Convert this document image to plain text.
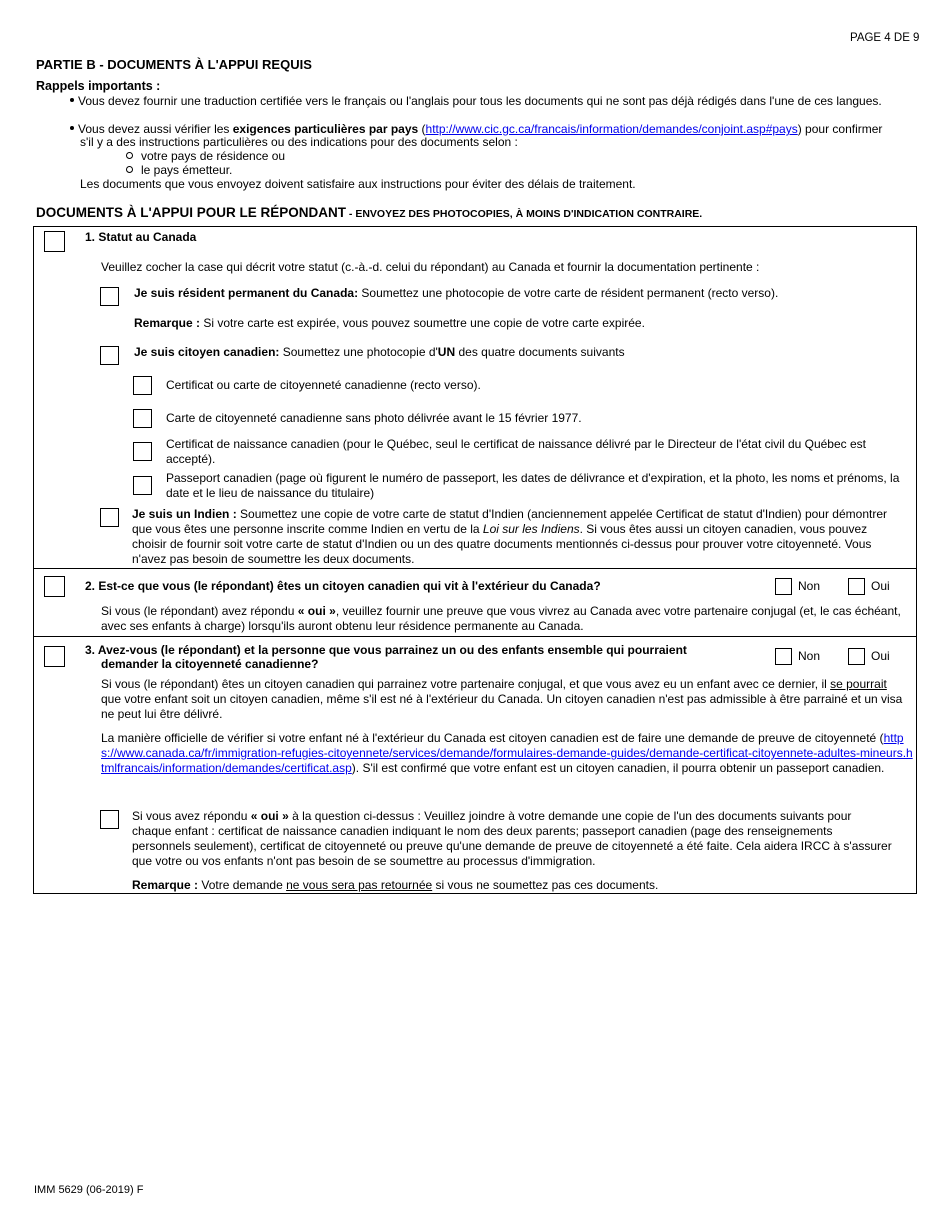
PAGE 4 DE 9
PARTIE B - DOCUMENTS À L'APPUI REQUIS
Rappels importants :
Vous devez fournir une traduction certifiée vers le français ou l'anglais pour tous les documents qui ne sont pas déjà rédigés dans l'une de ces langues.
Vous devez aussi vérifier les exigences particulières par pays (http://www.cic.gc.ca/francais/information/demandes/conjoint.asp#pays) pour confirmer
s'il y a des instructions particulières ou des indications pour des documents selon :
votre pays de résidence ou
le pays émetteur.
Les documents que vous envoyez doivent satisfaire aux instructions pour éviter des délais de traitement.
DOCUMENTS À L'APPUI POUR LE RÉPONDANT - ENVOYEZ DES PHOTOCOPIES, À MOINS D'INDICATION CONTRAIRE.
1. Statut au Canada
Veuillez cocher la case qui décrit votre statut (c.-à.-d. celui du répondant) au Canada et fournir la documentation pertinente :
Je suis résident permanent du Canada: Soumettez une photocopie de votre carte de résident permanent (recto verso).
Remarque : Si votre carte est expirée, vous pouvez soumettre une copie de votre carte expirée.
Je suis citoyen canadien: Soumettez une photocopie d'UN des quatre documents suivants
Certificat ou carte de citoyenneté canadienne (recto verso).
Carte de citoyenneté canadienne sans photo délivrée avant le 15 février 1977.
Certificat de naissance canadien (pour le Québec, seul le certificat de naissance délivré par le Directeur de l'état civil du Québec est accepté).
Passeport canadien (page où figurent le numéro de passeport, les dates de délivrance et d'expiration, et la photo, les noms et prénoms, la date et le lieu de naissance du titulaire)
Je suis un Indien : Soumettez une copie de votre carte de statut d'Indien (anciennement appelée Certificat de statut d'Indien) pour démontrer que vous êtes une personne inscrite comme Indien en vertu de la Loi sur les Indiens. Si vous êtes aussi un citoyen canadien, vous pouvez choisir de fournir soit votre carte de statut d'Indien ou un des quatre documents mentionnés ci-dessus pour prouver votre citoyenneté. Vous n'avez pas besoin de soumettre les deux documents.
2. Est-ce que vous (le répondant) êtes un citoyen canadien qui vit à l'extérieur du Canada?	Non	Oui
Si vous (le répondant) avez répondu « oui », veuillez fournir une preuve que vous vivrez au Canada avec votre partenaire conjugal (et, le cas échéant, avec ses enfants à charge) lorsqu'ils auront obtenu leur résidence permanente au Canada.
3. Avez-vous (le répondant) et la personne que vous parrainez un ou des enfants ensemble qui pourraient
demander la citoyenneté canadienne?
Non	Oui
Si vous (le répondant) êtes un citoyen canadien qui parrainez votre partenaire conjugal, et que vous avez eu un enfant avec ce dernier, il se pourrait que votre enfant soit un citoyen canadien, même s'il est né à l'extérieur du Canada. Un citoyen canadien n'est pas admissible à être parrainé et un visa ne peut lui être délivré.
La manière officielle de vérifier si votre enfant né à l'extérieur du Canada est citoyen canadien est de faire une demande de preuve de citoyenneté (https://www.canada.ca/fr/immigration-refugies-citoyennete/services/demande/formulaires-demande-guides/demande-certificat-citoyennete-adultes-mineurs.htmlfrancais/information/demandes/certificat.asp). S'il est confirmé que votre enfant est un citoyen canadien, il pourra obtenir un passeport canadien.
Si vous avez répondu « oui » à la question ci-dessus : Veuillez joindre à votre demande une copie de l'un des documents suivants pour chaque enfant : certificat de naissance canadien indiquant le nom des deux parents; passeport canadien (page des renseignements personnels seulement), certificat de citoyenneté ou preuve qu'une demande de preuve de citoyenneté a été faite. Cela aidera IRCC à s'assurer que votre ou vos enfants n'ont pas besoin de se soumettre au processus d'immigration.
Remarque : Votre demande ne vous sera pas retournée si vous ne soumettez pas ces documents.
IMM 5629 (06-2019) F
